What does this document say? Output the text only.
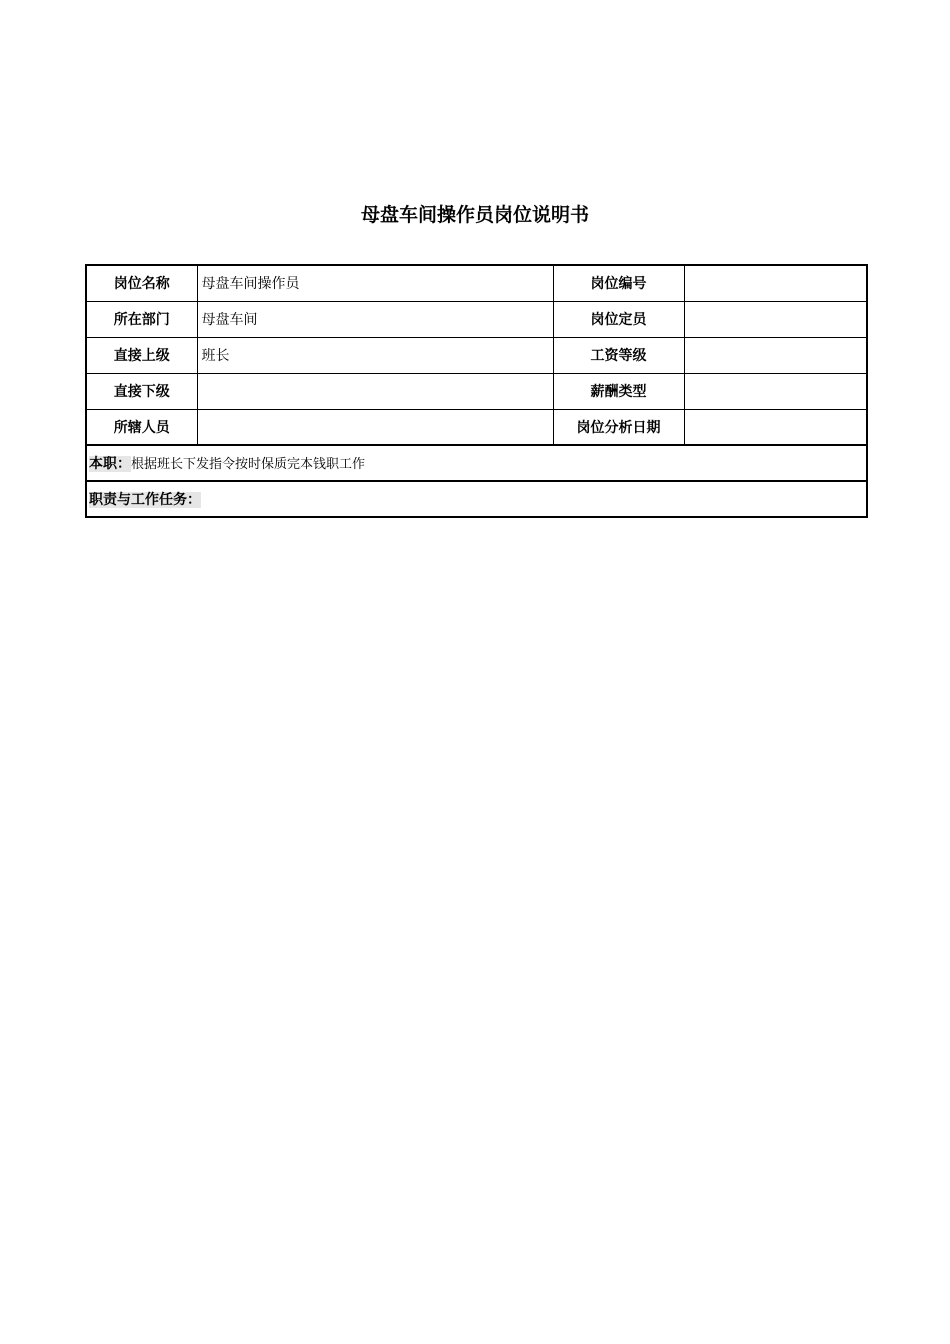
母盘车间操作员岗位说明书
岗位名称	母盘车间操作员	岗位编号	
所在部门	母盘车间	岗位定员	
直接上级	班长	工资等级	
直接下级		薪酬类型	
所辖人员		岗位分析日期	
本职：根据班长下发指令按时保质完本钱职工作			
职责与工作任务：			
